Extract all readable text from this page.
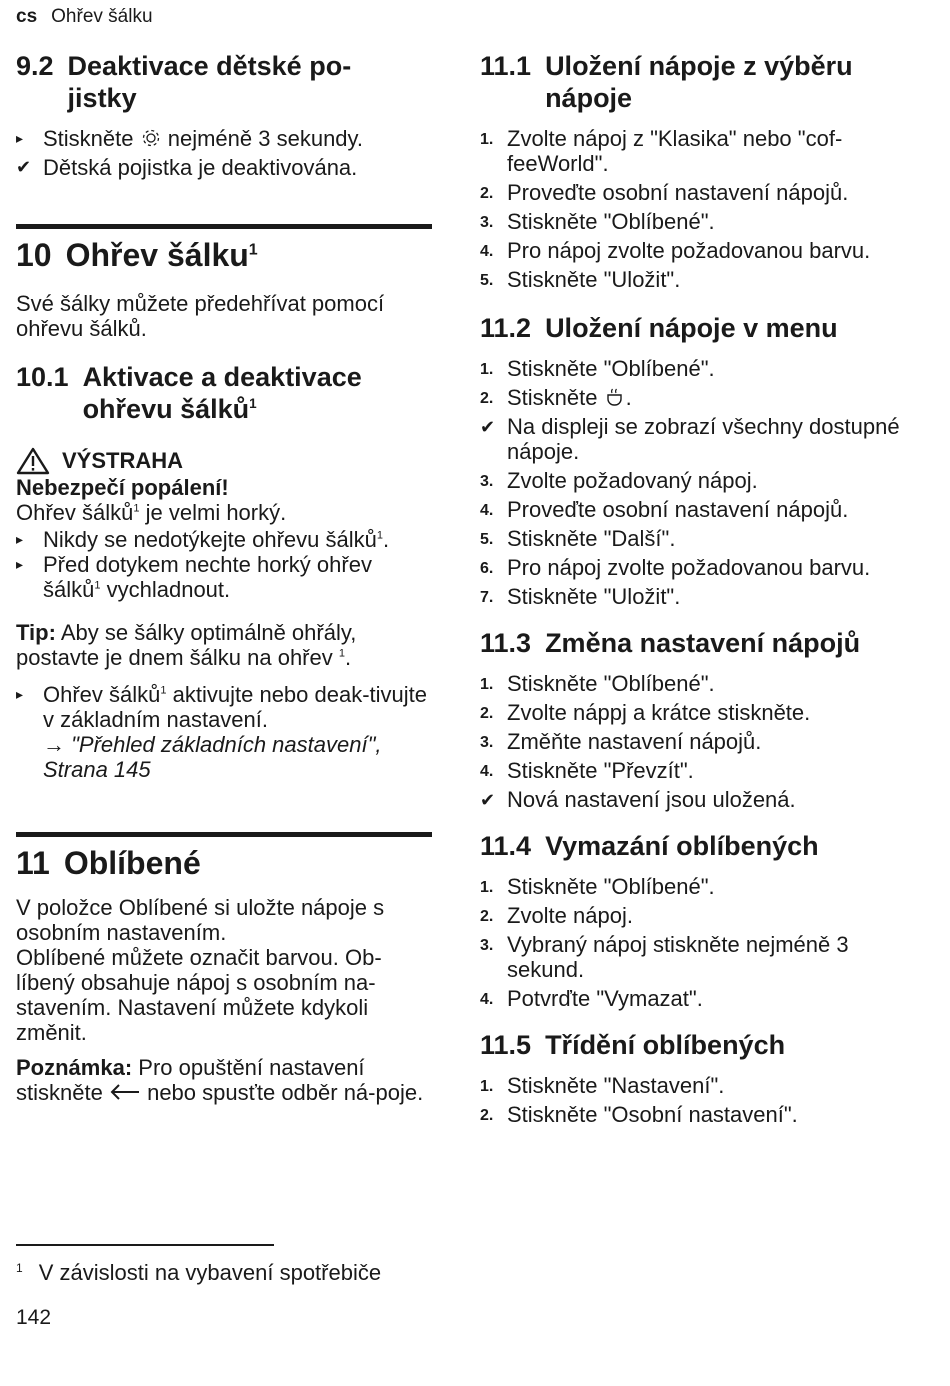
cs Ohřev šálku
9.2 Deaktivace dětské po-jistky
▸ Stiskněte nejméně 3 sekundy.
✔ Dětská pojistka je deaktivována.
10 Ohřev šálku$^1$

Své šálky můžete předehřívat pomocí ohřevu šálků.

10.1 Aktivace a deaktivace ohřevu šálků$^1$
VÝSTRAHA

Nebezpečí popálení!

Ohřev šálků$^1$ je velmi horký.

▸ Nikdy se nedotýkejte ohřevu šálků$^1$.
▸ Před dotykem nechte horký ohřev šálků$^1$ vychladnout.

Tip: Aby se šálky optimálně ohřály, postavte je dnem šálku na ohřev $^1$.

▸ Ohřev šálků$^1$ aktivujte nebo deak-tivujte v základním nastavení.
→ "Přehled základních nastavení", Strana 145
11 Oblíbené

V položce Oblíbené si uložte nápoje s osobním nastavením.

Oblíbené můžete označit barvou. Ob-líbený obsahuje nápoj s osobním na-stavením. Nastavení můžete kdykoli změnit.

Poznámka: Pro opuštění nastavení stiskněte nebo spusťte odběr ná-poje.

11.1 Uložení nápoje z výběru nápoje
1. Zvolte nápoj z "Klasika" nebo "cof-feeWorld".
2. Proveďte osobní nastavení nápojů.
3. Stiskněte "Oblíbené".
4. Pro nápoj zvolte požadovanou barvu.
5. Stiskněte "Uložit".
11.2 Uložení nápoje v menu
1. Stiskněte "Oblíbené".
2. Stiskněte .
✔ Na displeji se zobrazí všechny dostupné nápoje.
3. Zvolte požadovaný nápoj.
4. Proveďte osobní nastavení nápojů.
5. Stiskněte "Další".
6. Pro nápoj zvolte požadovanou barvu.
7. Stiskněte "Uložit".
11.3 Změna nastavení nápojů
1. Stiskněte "Oblíbené".
2. Zvolte náppj a krátce stiskněte.
3. Změňte nastavení nápojů.
4. Stiskněte "Převzít".
✔ Nová nastavení jsou uložená.
11.4 Vymazání oblíbených
1. Stiskněte "Oblíbené".
2. Zvolte nápoj.
3. Vybraný nápoj stiskněte nejméně 3 sekund.
4. Potvrďte "Vymazat".
11.5 Třídění oblíbených
1. Stiskněte "Nastavení".
2. Stiskněte "Osobní nastavení".
$^1$ V závislosti na vybavení spotřebiče
142
